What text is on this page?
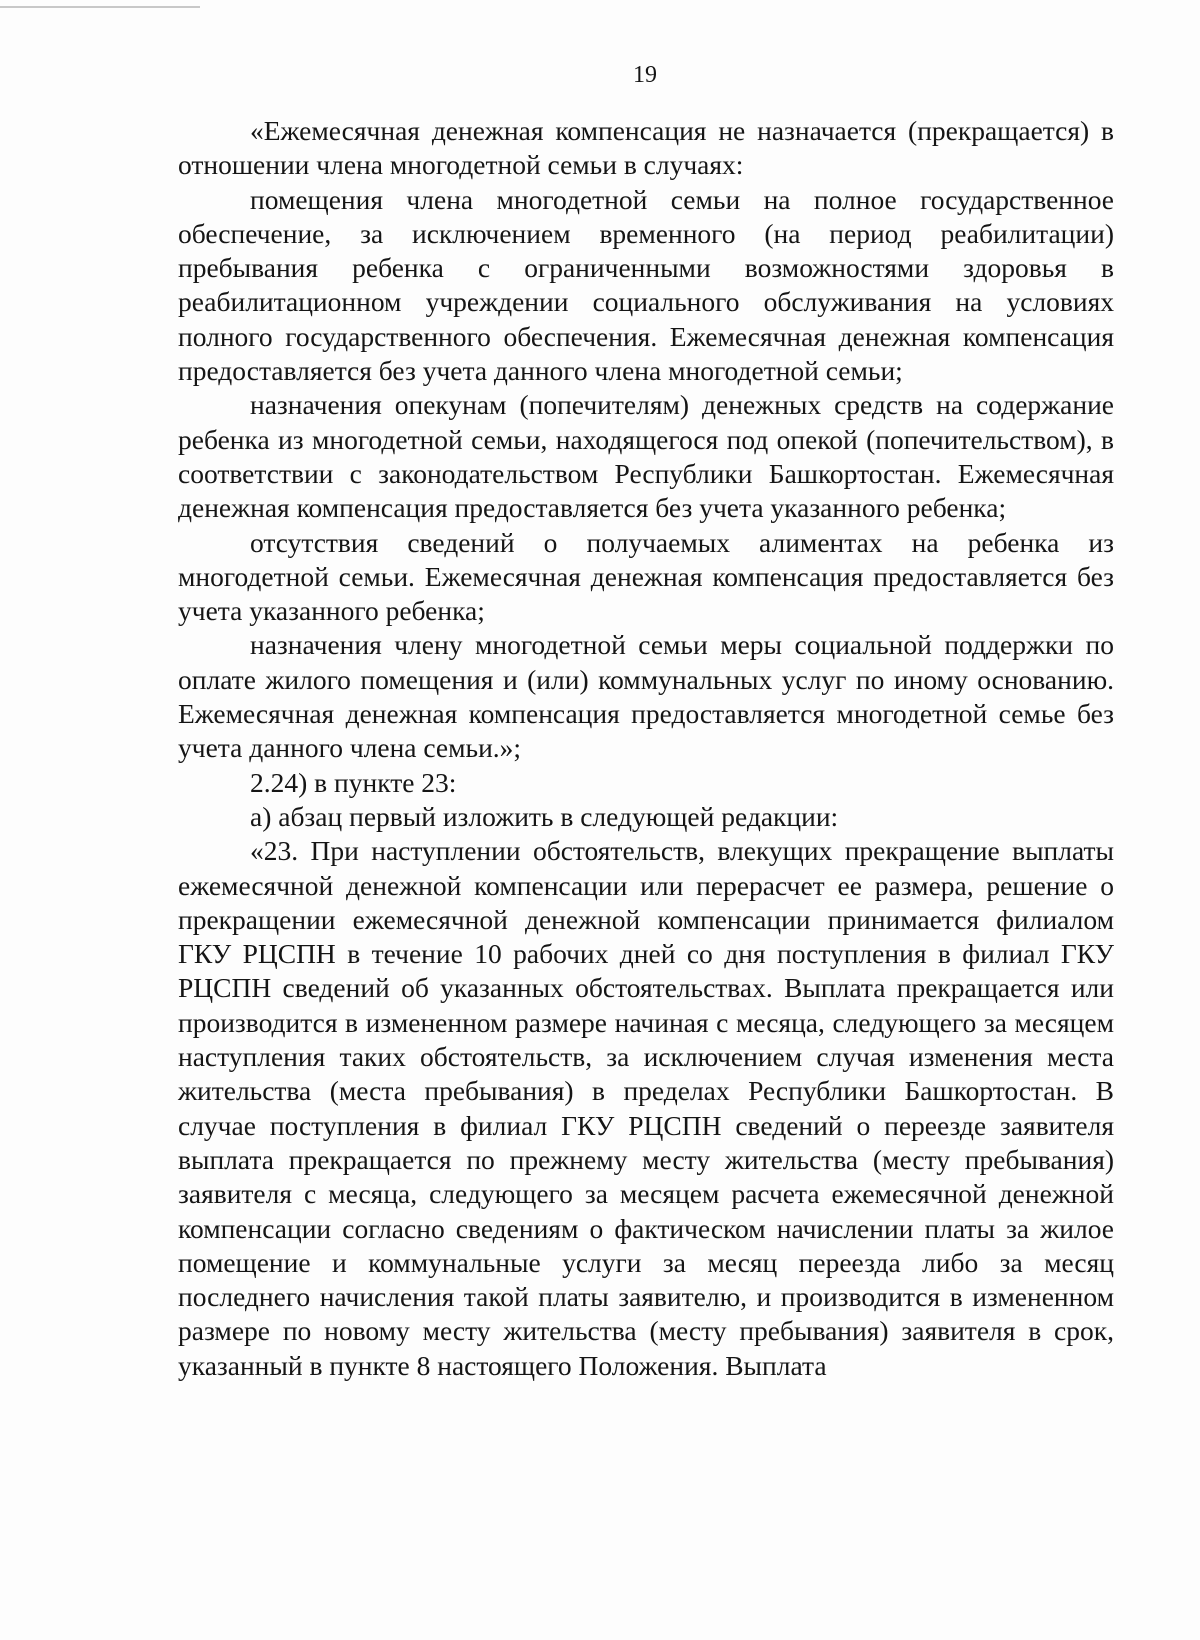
19

«Ежемесячная денежная компенсация не назначается (прекращается) в отношении члена многодетной семьи в случаях:

помещения члена многодетной семьи на полное государственное обеспечение, за исключением временного (на период реабилитации) пребывания ребенка с ограниченными возможностями здоровья в реабилитационном учреждении социального обслуживания на условиях полного государственного обеспечения. Ежемесячная денежная компенсация предоставляется без учета данного члена многодетной семьи;

назначения опекунам (попечителям) денежных средств на содержание ребенка из многодетной семьи, находящегося под опекой (попечительством), в соответствии с законодательством Республики Башкортостан. Ежемесячная денежная компенсация предоставляется без учета указанного ребенка;

отсутствия сведений о получаемых алиментах на ребенка из многодетной семьи. Ежемесячная денежная компенсация предоставляется без учета указанного ребенка;

назначения члену многодетной семьи меры социальной поддержки по оплате жилого помещения и (или) коммунальных услуг по иному основанию. Ежемесячная денежная компенсация предоставляется многодетной семье без учета данного члена семьи.»;

2.24) в пункте 23:

а) абзац первый изложить в следующей редакции:

«23. При наступлении обстоятельств, влекущих прекращение выплаты ежемесячной денежной компенсации или перерасчет ее размера, решение о прекращении ежемесячной денежной компенсации принимается филиалом ГКУ РЦСПН в течение 10 рабочих дней со дня поступления в филиал ГКУ РЦСПН сведений об указанных обстоятельствах. Выплата прекращается или производится в измененном размере начиная с месяца, следующего за месяцем наступления таких обстоятельств, за исключением случая изменения места жительства (места пребывания) в пределах Республики Башкортостан. В случае поступления в филиал ГКУ РЦСПН сведений о переезде заявителя выплата прекращается по прежнему месту жительства (месту пребывания) заявителя с месяца, следующего за месяцем расчета ежемесячной денежной компенсации согласно сведениям о фактическом начислении платы за жилое помещение и коммунальные услуги за месяц переезда либо за месяц последнего начисления такой платы заявителю, и производится в измененном размере по новому месту жительства (месту пребывания) заявителя в срок, указанный в пункте 8 настоящего Положения. Выплата
